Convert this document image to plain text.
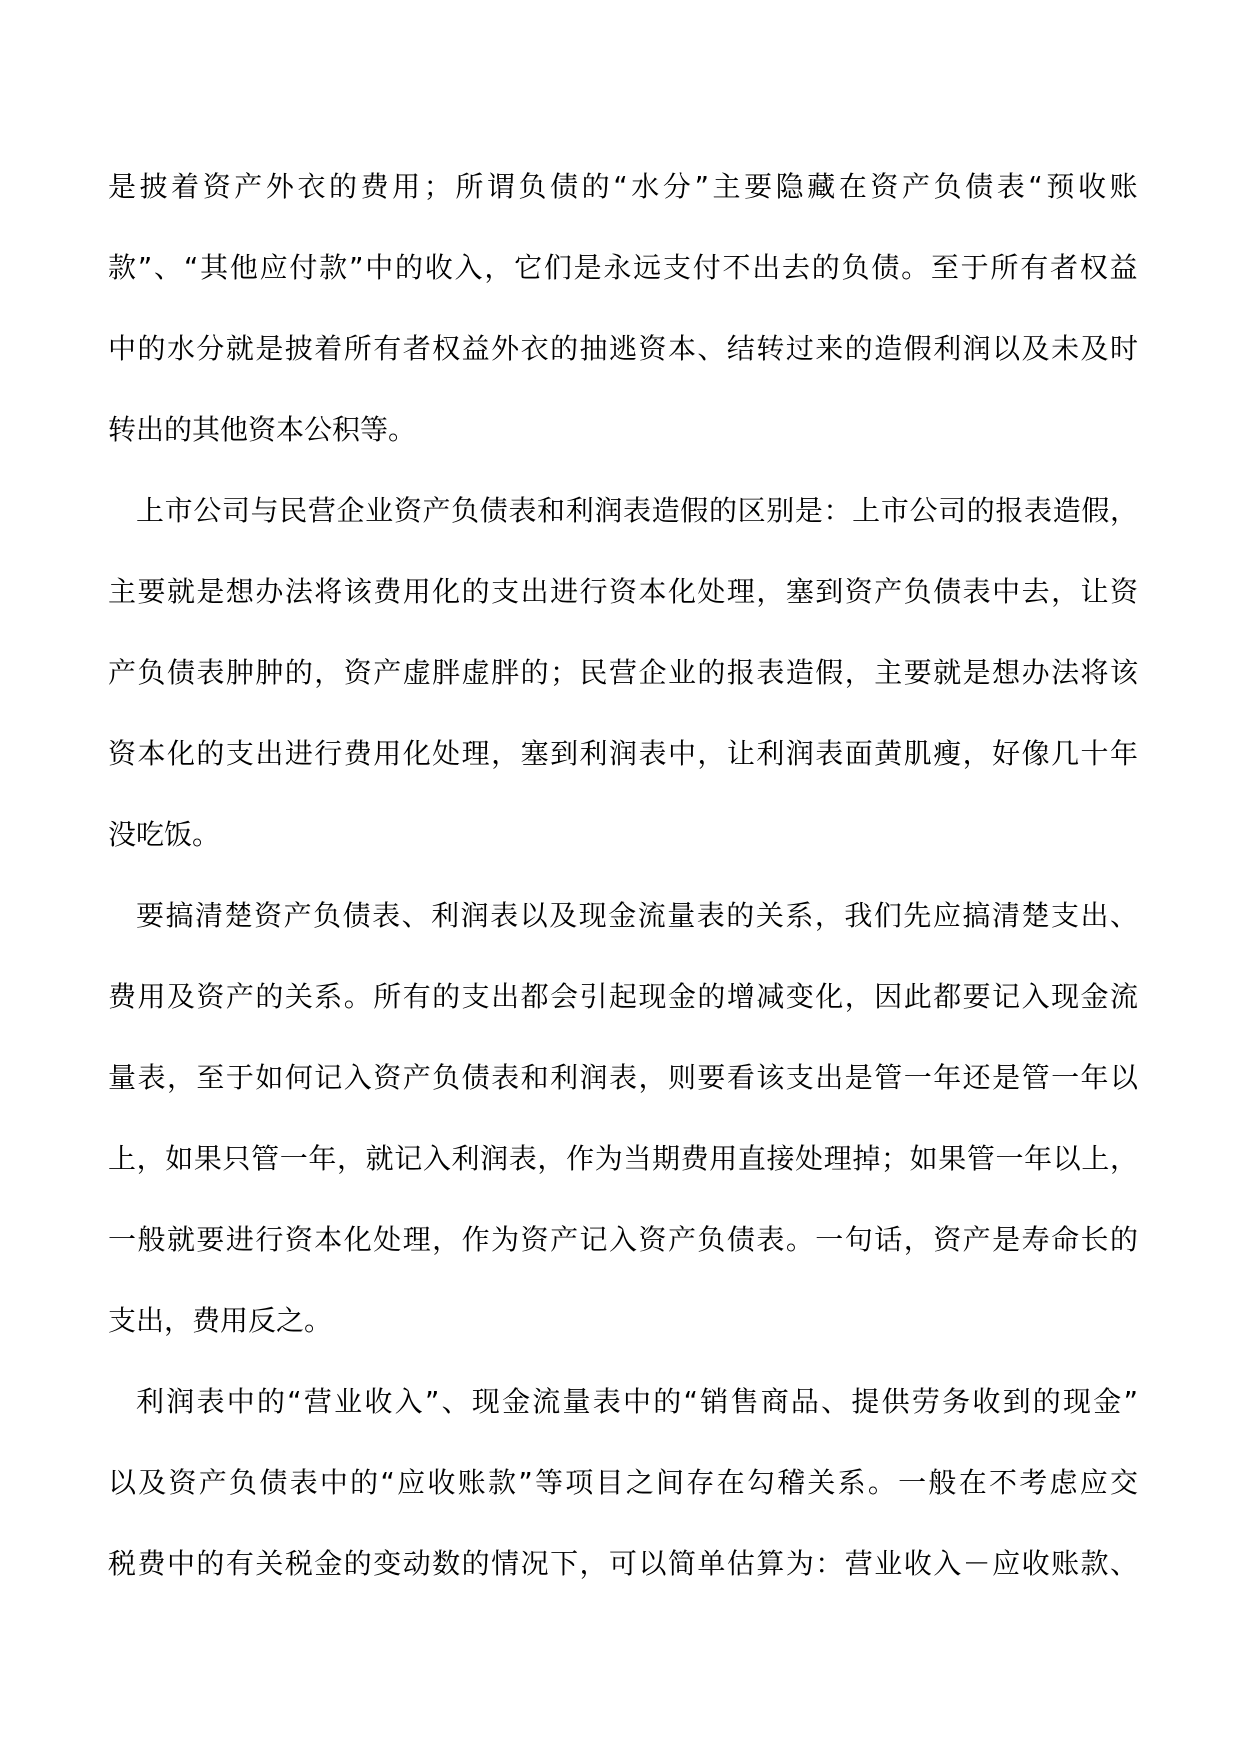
是披着资产外衣的费用；所谓负债的“水分”主要隐藏在资产负债表“预收账
款”、“其他应付款”中的收入，它们是永远支付不出去的负债。至于所有者权益
中的水分就是披着所有者权益外衣的抽逃资本、结转过来的造假利润以及未及时
转出的其他资本公积等。
上市公司与民营企业资产负债表和利润表造假的区别是：上市公司的报表造假，
主要就是想办法将该费用化的支出进行资本化处理，塞到资产负债表中去，让资
产负债表肿肿的，资产虚胖虚胖的；民营企业的报表造假，主要就是想办法将该
资本化的支出进行费用化处理，塞到利润表中，让利润表面黄肌瘦，好像几十年
没吃饭。
要搞清楚资产负债表、利润表以及现金流量表的关系，我们先应搞清楚支出、
费用及资产的关系。所有的支出都会引起现金的增减变化，因此都要记入现金流
量表，至于如何记入资产负债表和利润表，则要看该支出是管一年还是管一年以
上，如果只管一年，就记入利润表，作为当期费用直接处理掉；如果管一年以上，
一般就要进行资本化处理，作为资产记入资产负债表。一句话，资产是寿命长的
支出，费用反之。
利润表中的“营业收入”、现金流量表中的“销售商品、提供劳务收到的现金”
以及资产负债表中的“应收账款”等项目之间存在勾稽关系。一般在不考虑应交
税费中的有关税金的变动数的情况下，可以简单估算为：营业收入－应收账款、
